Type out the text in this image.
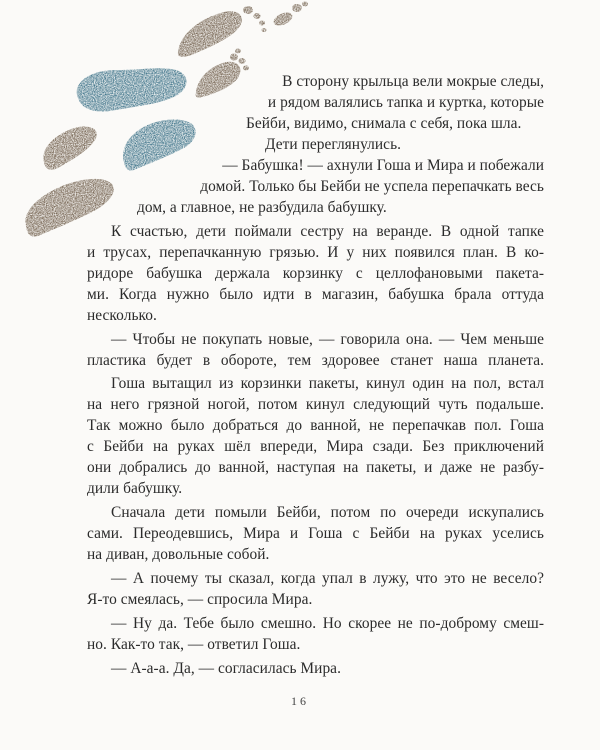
В сторону крыльца вели мокрые следы,
и рядом валялись тапка и куртка, которые
Бейби, видимо, снимала с себя, пока шла.
Дети переглянулись.
— Бабушка! — ахнули Гоша и Мира и побежали
домой. Только бы Бейби не успела перепачкать весь
дом, а главное, не разбудила бабушку.
К счастью, дети поймали сестру на веранде. В одной тапке
и трусах, перепачканную грязью. И у них появился план. В ко-
ридоре бабушка держала корзинку с целлофановыми пакета-
ми. Когда нужно было идти в магазин, бабушка брала оттуда
несколько.
— Чтобы не покупать новые, — говорила она. — Чем меньше
пластика будет в обороте, тем здоровее станет наша планета.
Гоша вытащил из корзинки пакеты, кинул один на пол, встал
на него грязной ногой, потом кинул следующий чуть подальше.
Так можно было добраться до ванной, не перепачкав пол. Гоша
с Бейби на руках шёл впереди, Мира сзади. Без приключений
они добрались до ванной, наступая на пакеты, и даже не разбу-
дили бабушку.
Сначала дети помыли Бейби, потом по очереди искупались
сами. Переодевшись, Мира и Гоша с Бейби на руках уселись
на диван, довольные собой.
— А почему ты сказал, когда упал в лужу, что это не весело?
Я-то смеялась, — спросила Мира.
— Ну да. Тебе было смешно. Но скорее не по-доброму смеш-
но. Как-то так, — ответил Гоша.
— А-а-а. Да, — согласилась Мира.
16
